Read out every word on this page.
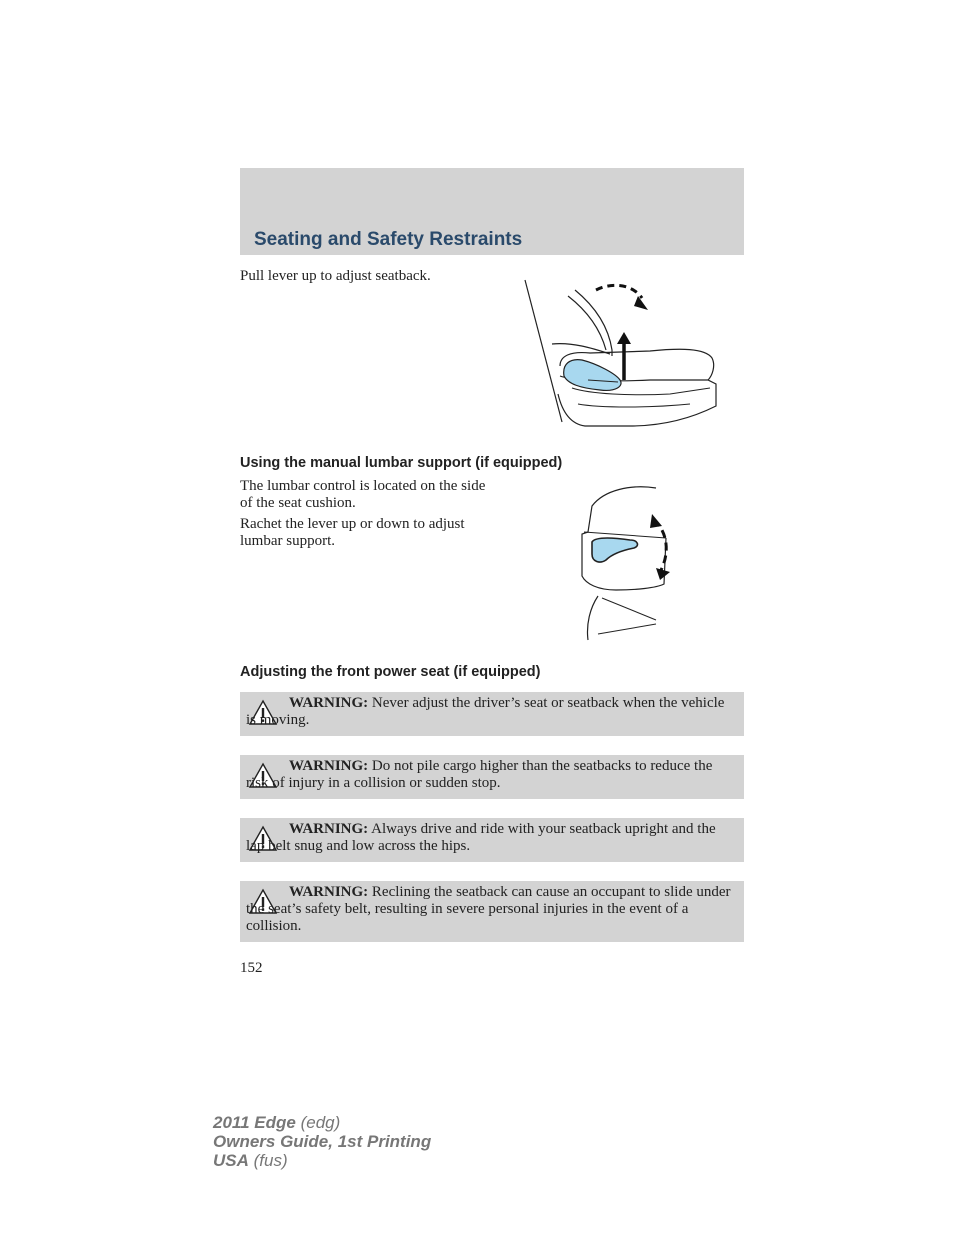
Seating and Safety Restraints
Pull lever up to adjust seatback.
Using the manual lumbar support (if equipped)
The lumbar control is located on the side of the seat cushion.
Rachet the lever up or down to adjust lumbar support.
Adjusting the front power seat (if equipped)
WARNING: Never adjust the driver’s seat or seatback when the vehicle is moving.
WARNING: Do not pile cargo higher than the seatbacks to reduce the risk of injury in a collision or sudden stop.
WARNING: Always drive and ride with your seatback upright and the lap belt snug and low across the hips.
WARNING: Reclining the seatback can cause an occupant to slide under the seat’s safety belt, resulting in severe personal injuries in the event of a collision.
152
2011 Edge (edg)
Owners Guide, 1st Printing
USA (fus)
